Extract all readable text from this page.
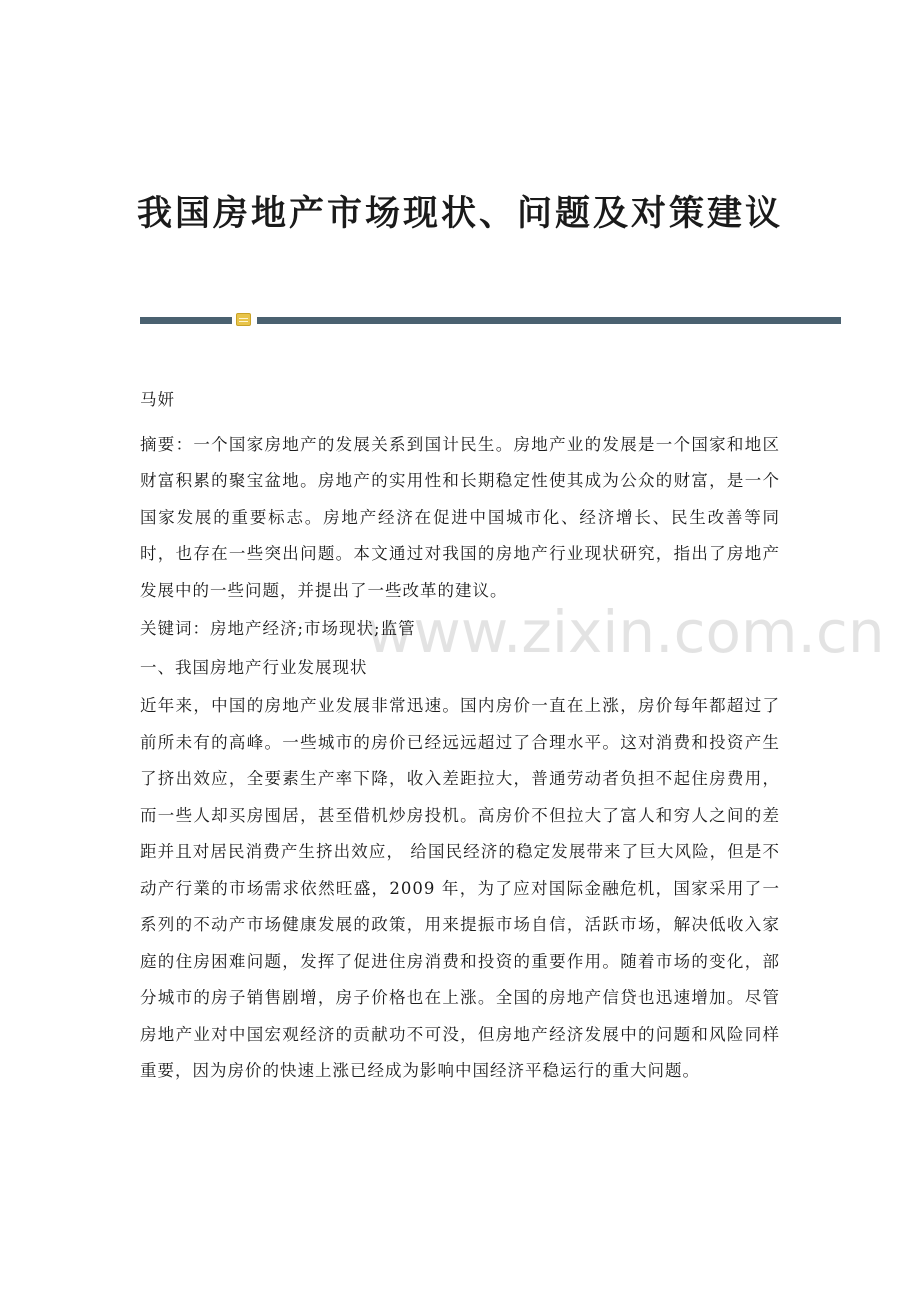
我国房地产市场现状、问题及对策建议

马妍

摘要：一个国家房地产的发展关系到国计民生。房地产业的发展是一个国家和地区财富积累的聚宝盆地。房地产的实用性和长期稳定性使其成为公众的财富，是一个国家发展的重要标志。房地产经济在促进中国城市化、经济增长、民生改善等同时，也存在一些突出问题。本文通过对我国的房地产行业现状研究，指出了房地产发展中的一些问题，并提出了一些改革的建议。

关键词：房地产经济;市场现状;监管

一、我国房地产行业发展现状

近年来，中国的房地产业发展非常迅速。国内房价一直在上涨，房价每年都超过了前所未有的高峰。一些城市的房价已经远远超过了合理水平。这对消费和投资产生了挤出效应，全要素生产率下降，收入差距拉大，普通劳动者负担不起住房费用，而一些人却买房囤居，甚至借机炒房投机。高房价不但拉大了富人和穷人之间的差距并且对居民消费产生挤出效应， 给国民经济的稳定发展带来了巨大风险，但是不动产行業的市场需求依然旺盛，2009 年，为了应对国际金融危机，国家采用了一系列的不动产市场健康发展的政策，用来提振市场自信，活跃市场，解决低收入家庭的住房困难问题，发挥了促进住房消费和投资的重要作用。随着市场的变化，部分城市的房子销售剧增，房子价格也在上涨。全国的房地产信贷也迅速增加。尽管房地产业对中国宏观经济的贡献功不可没，但房地产经济发展中的问题和风险同样重要，因为房价的快速上涨已经成为影响中国经济平稳运行的重大问题。

www.zixin.com.cn
